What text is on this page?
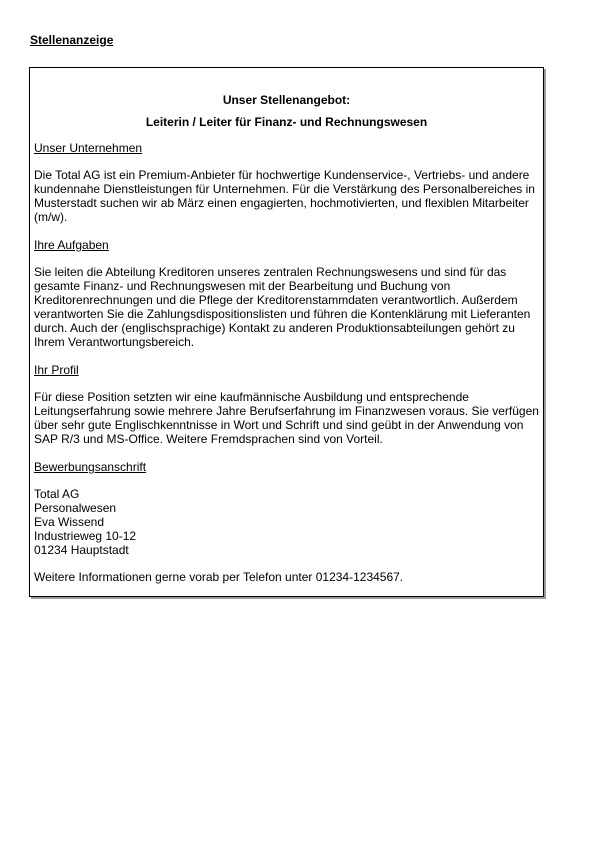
Stellenanzeige
Unser Stellenangebot:
Leiterin / Leiter für Finanz- und Rechnungswesen
Unser Unternehmen

Die Total AG ist ein Premium-Anbieter für hochwertige Kundenservice-, Vertriebs- und andere kundennahe Dienstleistungen für Unternehmen. Für die Verstärkung des Personalbereiches in Musterstadt suchen wir ab März einen engagierten, hochmotivierten, und flexiblen Mitarbeiter (m/w).

Ihre Aufgaben

Sie leiten die Abteilung Kreditoren unseres zentralen Rechnungswesens und sind für das gesamte Finanz- und Rechnungswesen mit der Bearbeitung und Buchung von Kreditorenrechnungen und die Pflege der Kreditorenstammdaten verantwortlich. Außerdem verantworten Sie die Zahlungsdispositionslisten und führen die Kontenklärung mit Lieferanten durch. Auch der (englischsprachige) Kontakt zu anderen Produktionsabteilungen gehört zu Ihrem Verantwortungsbereich.

Ihr Profil

Für diese Position setzten wir eine kaufmännische Ausbildung und entsprechende Leitungserfahrung sowie mehrere Jahre Berufserfahrung im Finanzwesen voraus. Sie verfügen über sehr gute Englischkenntnisse in Wort und Schrift und sind geübt in der Anwendung von SAP R/3 und MS-Office. Weitere Fremdsprachen sind von Vorteil.

Bewerbungsanschrift
Total AG
Personalwesen
Eva Wissend
Industrieweg 10-12
01234 Hauptstadt

Weitere Informationen gerne vorab per Telefon unter 01234-1234567.
